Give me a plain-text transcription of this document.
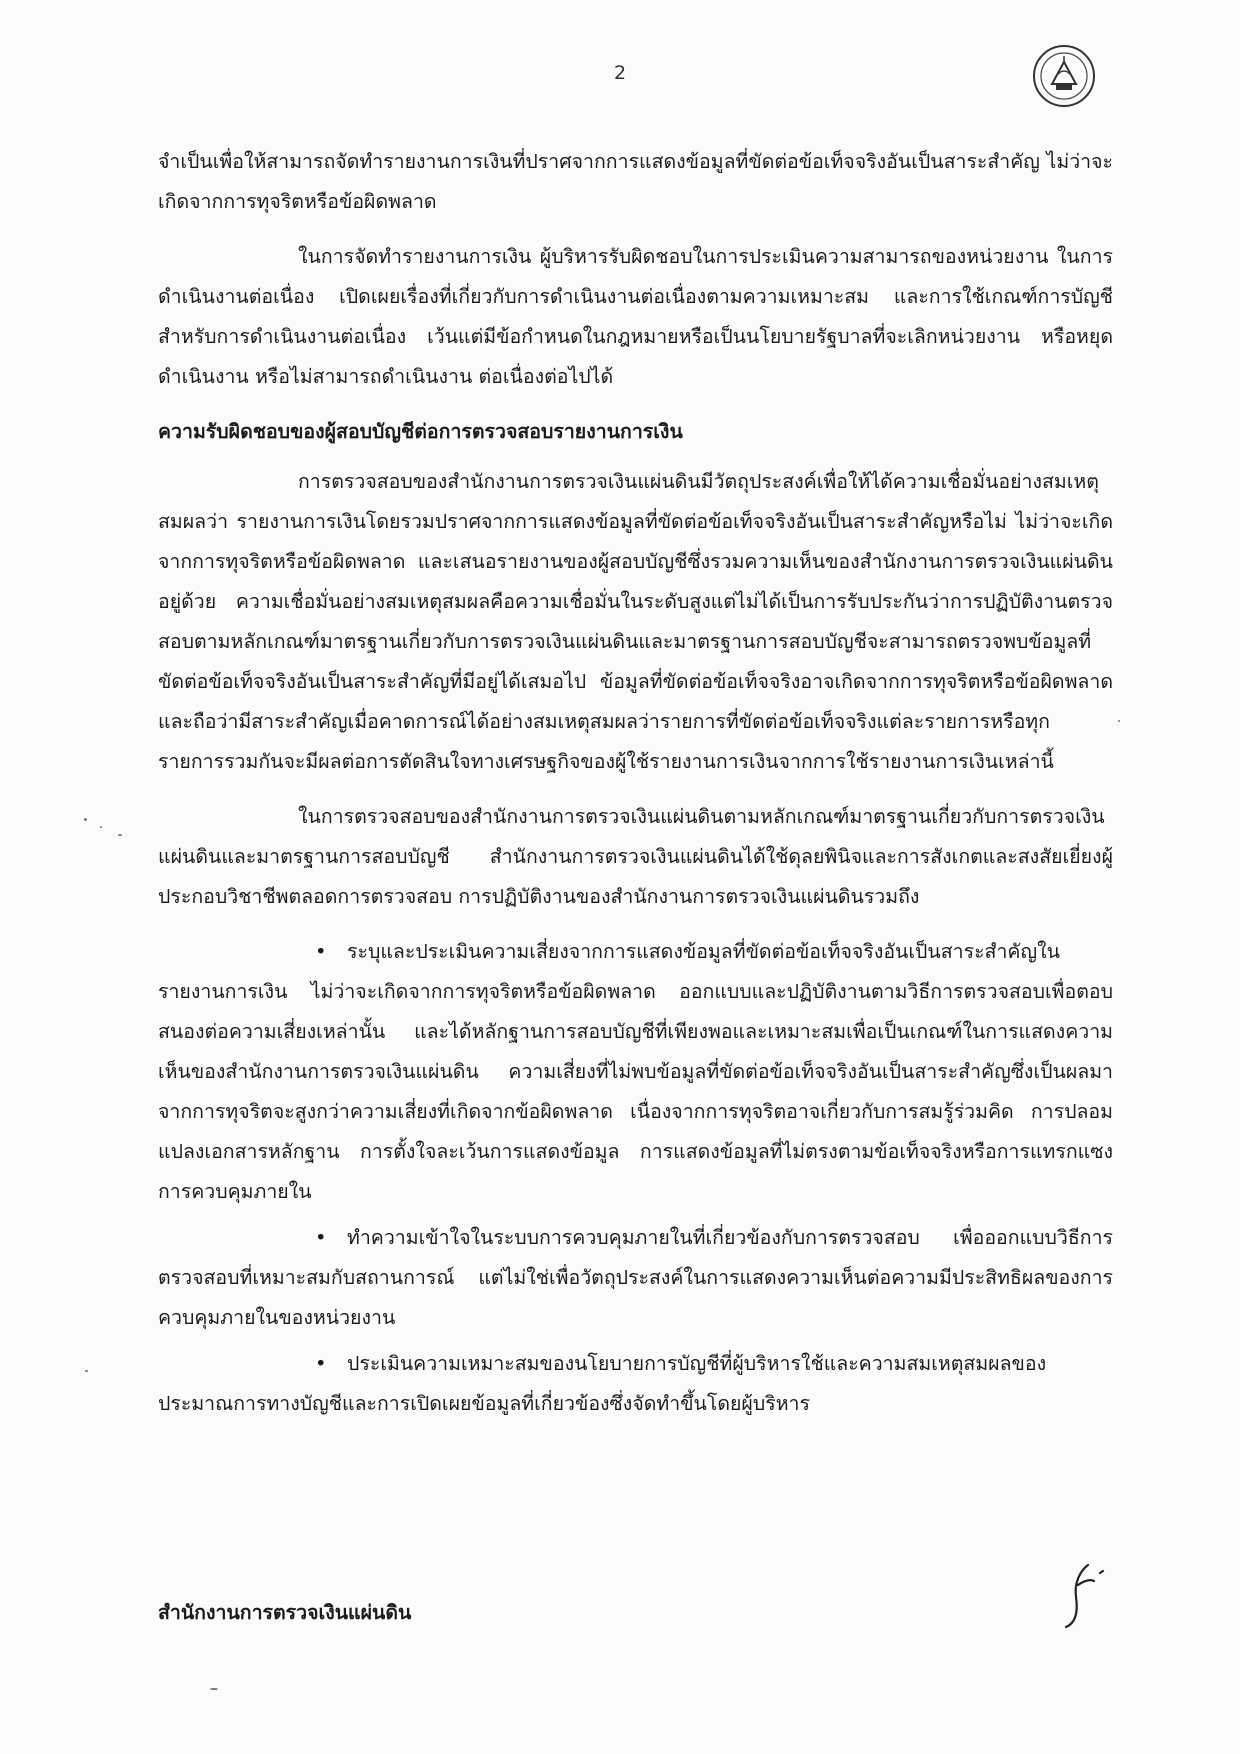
2

จำเป็นเพื่อให้สามารถจัดทำรายงานการเงินที่ปราศจากการแสดงข้อมูลที่ขัดต่อข้อเท็จจริงอันเป็นสาระสำคัญ ไม่ว่าจะเกิดจากการทุจริตหรือข้อผิดพลาด

ในการจัดทำรายงานการเงิน ผู้บริหารรับผิดชอบในการประเมินความสามารถของหน่วยงาน ในการดำเนินงานต่อเนื่อง เปิดเผยเรื่องที่เกี่ยวกับการดำเนินงานต่อเนื่องตามความเหมาะสม และการใช้เกณฑ์การบัญชีสำหรับการดำเนินงานต่อเนื่อง เว้นแต่มีข้อกำหนดในกฎหมายหรือเป็นนโยบายรัฐบาลที่จะเลิกหน่วยงาน หรือหยุดดำเนินงาน หรือไม่สามารถดำเนินงาน ต่อเนื่องต่อไปได้

ความรับผิดชอบของผู้สอบบัญชีต่อการตรวจสอบรายงานการเงิน

การตรวจสอบของสำนักงานการตรวจเงินแผ่นดินมีวัตถุประสงค์เพื่อให้ได้ความเชื่อมั่นอย่างสมเหตุสมผลว่า รายงานการเงินโดยรวมปราศจากการแสดงข้อมูลที่ขัดต่อข้อเท็จจริงอันเป็นสาระสำคัญหรือไม่ ไม่ว่าจะเกิดจากการทุจริตหรือข้อผิดพลาด และเสนอรายงานของผู้สอบบัญชีซึ่งรวมความเห็นของสำนักงานการตรวจเงินแผ่นดินอยู่ด้วย ความเชื่อมั่นอย่างสมเหตุสมผลคือความเชื่อมั่นในระดับสูงแต่ไม่ได้เป็นการรับประกันว่าการปฏิบัติงานตรวจสอบตามหลักเกณฑ์มาตรฐานเกี่ยวกับการตรวจเงินแผ่นดินและมาตรฐานการสอบบัญชีจะสามารถตรวจพบข้อมูลที่ขัดต่อข้อเท็จจริงอันเป็นสาระสำคัญที่มีอยู่ได้เสมอไป ข้อมูลที่ขัดต่อข้อเท็จจริงอาจเกิดจากการทุจริตหรือข้อผิดพลาดและถือว่ามีสาระสำคัญเมื่อคาดการณ์ได้อย่างสมเหตุสมผลว่ารายการที่ขัดต่อข้อเท็จจริงแต่ละรายการหรือทุกรายการรวมกันจะมีผลต่อการตัดสินใจทางเศรษฐกิจของผู้ใช้รายงานการเงินจากการใช้รายงานการเงินเหล่านี้

ในการตรวจสอบของสำนักงานการตรวจเงินแผ่นดินตามหลักเกณฑ์มาตรฐานเกี่ยวกับการตรวจเงินแผ่นดินและมาตรฐานการสอบบัญชี สำนักงานการตรวจเงินแผ่นดินได้ใช้ดุลยพินิจและการสังเกตและสงสัยเยี่ยงผู้ประกอบวิชาชีพตลอดการตรวจสอบ การปฏิบัติงานของสำนักงานการตรวจเงินแผ่นดินรวมถึง

• ระบุและประเมินความเสี่ยงจากการแสดงข้อมูลที่ขัดต่อข้อเท็จจริงอันเป็นสาระสำคัญในรายงานการเงิน ไม่ว่าจะเกิดจากการทุจริตหรือข้อผิดพลาด ออกแบบและปฏิบัติงานตามวิธีการตรวจสอบเพื่อตอบสนองต่อความเสี่ยงเหล่านั้น และได้หลักฐานการสอบบัญชีที่เพียงพอและเหมาะสมเพื่อเป็นเกณฑ์ในการแสดงความเห็นของสำนักงานการตรวจเงินแผ่นดิน ความเสี่ยงที่ไม่พบข้อมูลที่ขัดต่อข้อเท็จจริงอันเป็นสาระสำคัญซึ่งเป็นผลมาจากการทุจริตจะสูงกว่าความเสี่ยงที่เกิดจากข้อผิดพลาด เนื่องจากการทุจริตอาจเกี่ยวกับการสมรู้ร่วมคิด การปลอมแปลงเอกสารหลักฐาน การตั้งใจละเว้นการแสดงข้อมูล การแสดงข้อมูลที่ไม่ตรงตามข้อเท็จจริงหรือการแทรกแซงการควบคุมภายใน

• ทำความเข้าใจในระบบการควบคุมภายในที่เกี่ยวข้องกับการตรวจสอบ เพื่อออกแบบวิธีการตรวจสอบที่เหมาะสมกับสถานการณ์ แต่ไม่ใช่เพื่อวัตถุประสงค์ในการแสดงความเห็นต่อความมีประสิทธิผลของการควบคุมภายในของหน่วยงาน

• ประเมินความเหมาะสมของนโยบายการบัญชีที่ผู้บริหารใช้และความสมเหตุสมผลของประมาณการทางบัญชีและการเปิดเผยข้อมูลที่เกี่ยวข้องซึ่งจัดทำขึ้นโดยผู้บริหาร

สำนักงานการตรวจเงินแผ่นดิน
